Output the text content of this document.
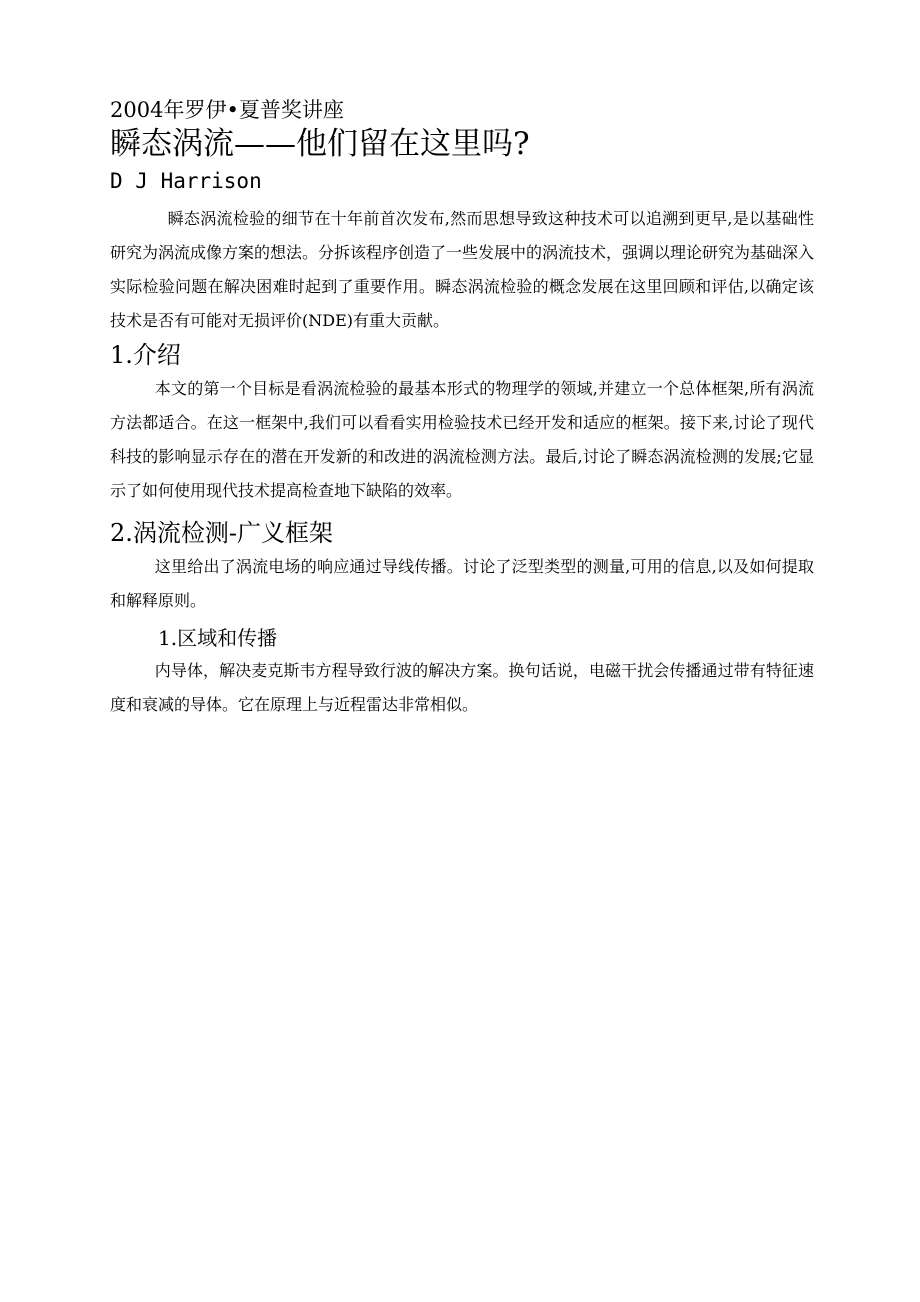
2004年罗伊•夏普奖讲座
瞬态涡流——他们留在这里吗?
D J Harrison

瞬态涡流检验的细节在十年前首次发布,然而思想导致这种技术可以追溯到更早,是以基础性研究为涡流成像方案的想法。分拆该程序创造了一些发展中的涡流技术，强调以理论研究为基础深入实际检验问题在解决困难时起到了重要作用。瞬态涡流检验的概念发展在这里回顾和评估,以确定该技术是否有可能对无损评价(NDE)有重大贡献。

1.介绍

本文的第一个目标是看涡流检验的最基本形式的物理学的领域,并建立一个总体框架,所有涡流方法都适合。在这一框架中,我们可以看看实用检验技术已经开发和适应的框架。接下来,讨论了现代科技的影响显示存在的潜在开发新的和改进的涡流检测方法。最后,讨论了瞬态涡流检测的发展;它显示了如何使用现代技术提高检查地下缺陷的效率。

2.涡流检测-广义框架

这里给出了涡流电场的响应通过导线传播。讨论了泛型类型的测量,可用的信息,以及如何提取和解释原则。

1.区域和传播

内导体，解决麦克斯韦方程导致行波的解决方案。换句话说，电磁干扰会传播通过带有特征速度和衰减的导体。它在原理上与近程雷达非常相似。
